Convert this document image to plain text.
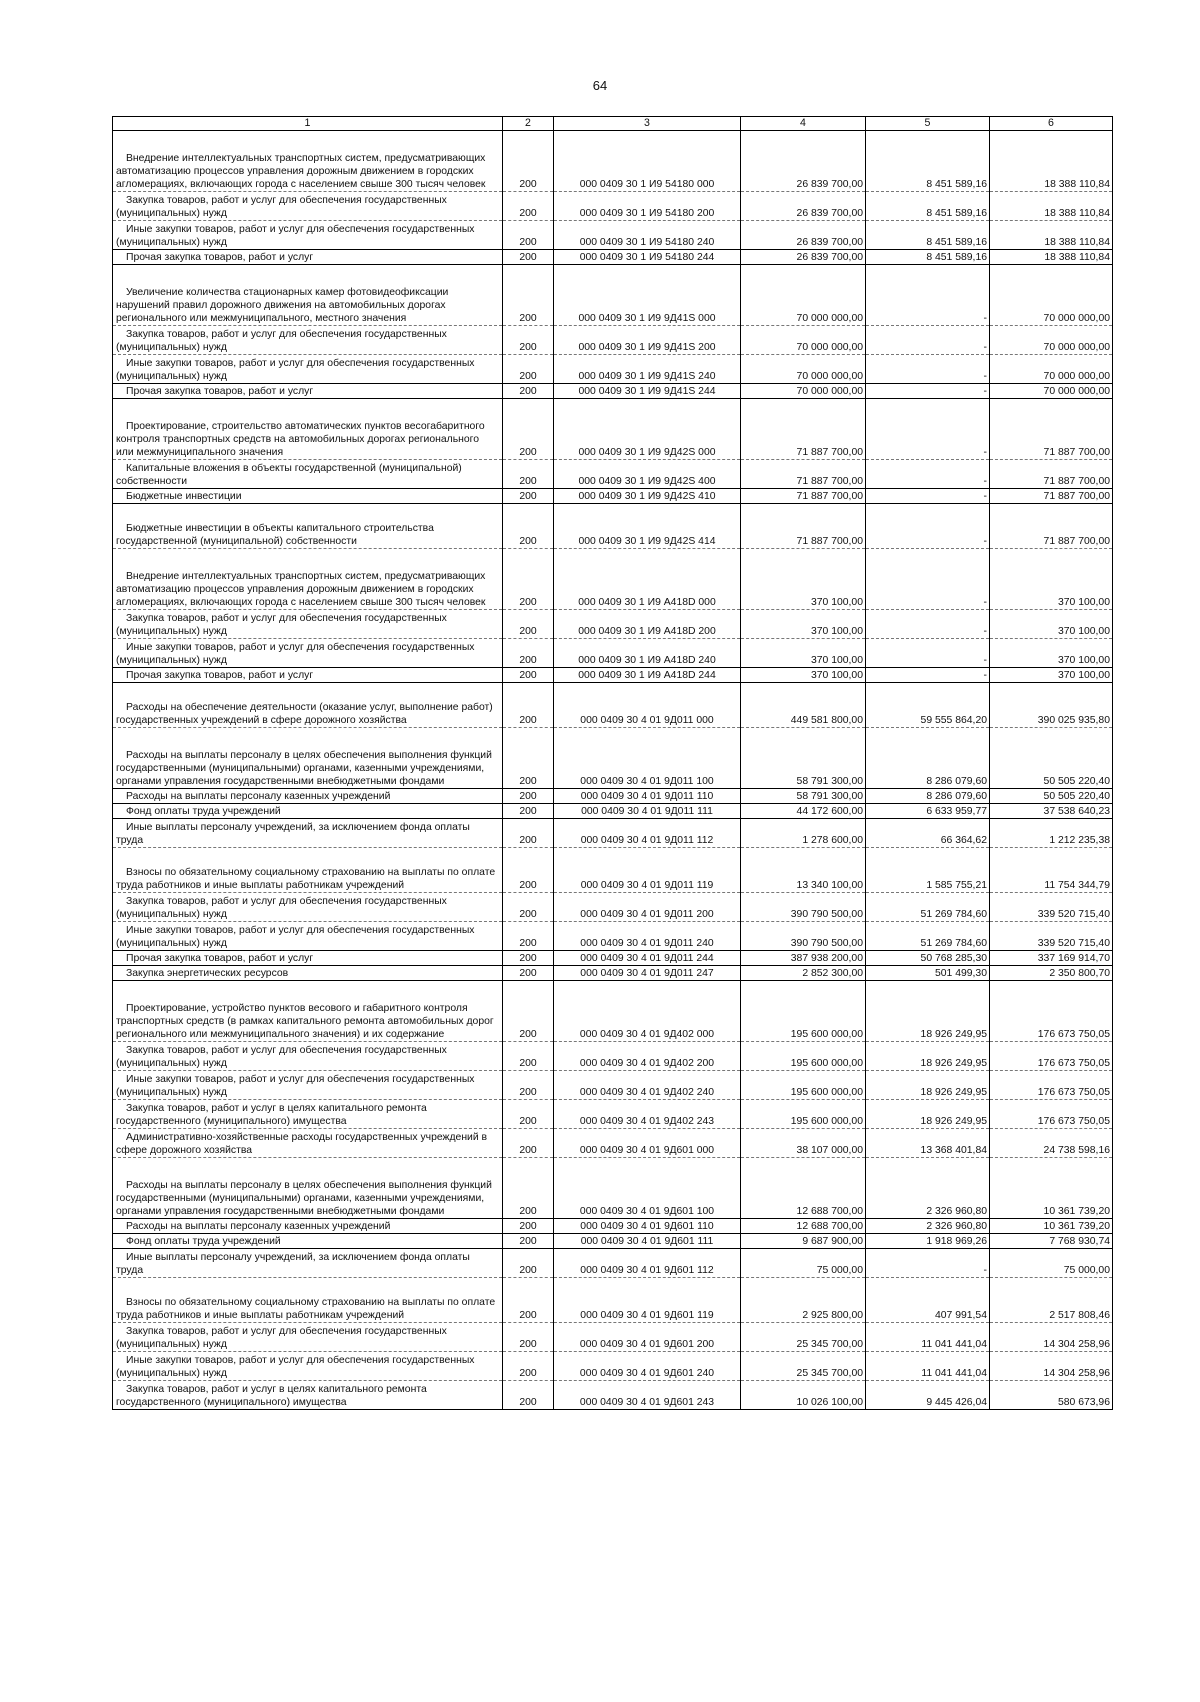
64
1	2	3	4	5	6

Внедрение интеллектуальных транспортных систем, предусматривающих автоматизацию процессов управления дорожным движением в городских агломерациях, включающих города с населением свыше 300 тысяч человек	200	000 0409 30 1 И9 54180 000	26 839 700,00	8 451 589,16	18 388 110,84

Закупка товаров, работ и услуг для обеспечения государственных (муниципальных) нужд	200	000 0409 30 1 И9 54180 200	26 839 700,00	8 451 589,16	18 388 110,84

Иные закупки товаров, работ и услуг для обеспечения государственных (муниципальных) нужд	200	000 0409 30 1 И9 54180 240	26 839 700,00	8 451 589,16	18 388 110,84

Прочая закупка товаров, работ и услуг	200	000 0409 30 1 И9 54180 244	26 839 700,00	8 451 589,16	18 388 110,84

Увеличение количества стационарных камер фотовидеофиксации нарушений правил дорожного движения на автомобильных дорогах регионального или межмуниципального, местного значения	200	000 0409 30 1 И9 9Д41S 000	70 000 000,00	-	70 000 000,00

Закупка товаров, работ и услуг для обеспечения государственных (муниципальных) нужд	200	000 0409 30 1 И9 9Д41S 200	70 000 000,00	-	70 000 000,00

Иные закупки товаров, работ и услуг для обеспечения государственных (муниципальных) нужд	200	000 0409 30 1 И9 9Д41S 240	70 000 000,00	-	70 000 000,00

Прочая закупка товаров, работ и услуг	200	000 0409 30 1 И9 9Д41S 244	70 000 000,00	-	70 000 000,00

Проектирование, строительство автоматических пунктов весогабаритного контроля транспортных средств на автомобильных дорогах регионального или межмуниципального значения	200	000 0409 30 1 И9 9Д42S 000	71 887 700,00	-	71 887 700,00

Капитальные вложения в объекты государственной (муниципальной) собственности	200	000 0409 30 1 И9 9Д42S 400	71 887 700,00	-	71 887 700,00

Бюджетные инвестиции	200	000 0409 30 1 И9 9Д42S 410	71 887 700,00	-	71 887 700,00

Бюджетные инвестиции в объекты капитального строительства государственной (муниципальной) собственности	200	000 0409 30 1 И9 9Д42S 414	71 887 700,00	-	71 887 700,00

Внедрение интеллектуальных транспортных систем, предусматривающих автоматизацию процессов управления дорожным движением в городских агломерациях, включающих города с населением свыше 300 тысяч человек	200	000 0409 30 1 И9 А418D 000	370 100,00	-	370 100,00

Закупка товаров, работ и услуг для обеспечения государственных (муниципальных) нужд	200	000 0409 30 1 И9 А418D 200	370 100,00	-	370 100,00

Иные закупки товаров, работ и услуг для обеспечения государственных (муниципальных) нужд	200	000 0409 30 1 И9 А418D 240	370 100,00	-	370 100,00

Прочая закупка товаров, работ и услуг	200	000 0409 30 1 И9 А418D 244	370 100,00	-	370 100,00

Расходы на обеспечение деятельности (оказание услуг, выполнение работ) государственных учреждений в сфере дорожного хозяйства	200	000 0409 30 4 01 9Д011 000	449 581 800,00	59 555 864,20	390 025 935,80

Расходы на выплаты персоналу в целях обеспечения выполнения функций государственными (муниципальными) органами, казенными учреждениями, органами управления государственными внебюджетными фондами	200	000 0409 30 4 01 9Д011 100	58 791 300,00	8 286 079,60	50 505 220,40

Расходы на выплаты персоналу казенных учреждений	200	000 0409 30 4 01 9Д011 110	58 791 300,00	8 286 079,60	50 505 220,40

Фонд оплаты труда учреждений	200	000 0409 30 4 01 9Д011 111	44 172 600,00	6 633 959,77	37 538 640,23

Иные выплаты персоналу учреждений, за исключением фонда оплаты труда	200	000 0409 30 4 01 9Д011 112	1 278 600,00	66 364,62	1 212 235,38

Взносы по обязательному социальному страхованию на выплаты по оплате труда работников и иные выплаты работникам учреждений	200	000 0409 30 4 01 9Д011 119	13 340 100,00	1 585 755,21	11 754 344,79

Закупка товаров, работ и услуг для обеспечения государственных (муниципальных) нужд	200	000 0409 30 4 01 9Д011 200	390 790 500,00	51 269 784,60	339 520 715,40

Иные закупки товаров, работ и услуг для обеспечения государственных (муниципальных) нужд	200	000 0409 30 4 01 9Д011 240	390 790 500,00	51 269 784,60	339 520 715,40

Прочая закупка товаров, работ и услуг	200	000 0409 30 4 01 9Д011 244	387 938 200,00	50 768 285,30	337 169 914,70

Закупка энергетических ресурсов	200	000 0409 30 4 01 9Д011 247	2 852 300,00	501 499,30	2 350 800,70

Проектирование, устройство пунктов весового и габаритного контроля транспортных средств (в рамках капитального ремонта автомобильных дорог регионального или межмуниципального значения) и их содержание	200	000 0409 30 4 01 9Д402 000	195 600 000,00	18 926 249,95	176 673 750,05

Закупка товаров, работ и услуг для обеспечения государственных (муниципальных) нужд	200	000 0409 30 4 01 9Д402 200	195 600 000,00	18 926 249,95	176 673 750,05

Иные закупки товаров, работ и услуг для обеспечения государственных (муниципальных) нужд	200	000 0409 30 4 01 9Д402 240	195 600 000,00	18 926 249,95	176 673 750,05

Закупка товаров, работ и услуг в целях капитального ремонта государственного (муниципального) имущества	200	000 0409 30 4 01 9Д402 243	195 600 000,00	18 926 249,95	176 673 750,05

Административно-хозяйственные расходы государственных учреждений в сфере дорожного хозяйства	200	000 0409 30 4 01 9Д601 000	38 107 000,00	13 368 401,84	24 738 598,16

Расходы на выплаты персоналу в целях обеспечения выполнения функций государственными (муниципальными) органами, казенными учреждениями, органами управления государственными внебюджетными фондами	200	000 0409 30 4 01 9Д601 100	12 688 700,00	2 326 960,80	10 361 739,20

Расходы на выплаты персоналу казенных учреждений	200	000 0409 30 4 01 9Д601 110	12 688 700,00	2 326 960,80	10 361 739,20

Фонд оплаты труда учреждений	200	000 0409 30 4 01 9Д601 111	9 687 900,00	1 918 969,26	7 768 930,74

Иные выплаты персоналу учреждений, за исключением фонда оплаты труда	200	000 0409 30 4 01 9Д601 112	75 000,00	-	75 000,00

Взносы по обязательному социальному страхованию на выплаты по оплате труда работников и иные выплаты работникам учреждений	200	000 0409 30 4 01 9Д601 119	2 925 800,00	407 991,54	2 517 808,46

Закупка товаров, работ и услуг для обеспечения государственных (муниципальных) нужд	200	000 0409 30 4 01 9Д601 200	25 345 700,00	11 041 441,04	14 304 258,96

Иные закупки товаров, работ и услуг для обеспечения государственных (муниципальных) нужд	200	000 0409 30 4 01 9Д601 240	25 345 700,00	11 041 441,04	14 304 258,96

Закупка товаров, работ и услуг в целях капитального ремонта государственного (муниципального) имущества	200	000 0409 30 4 01 9Д601 243	10 026 100,00	9 445 426,04	580 673,96
